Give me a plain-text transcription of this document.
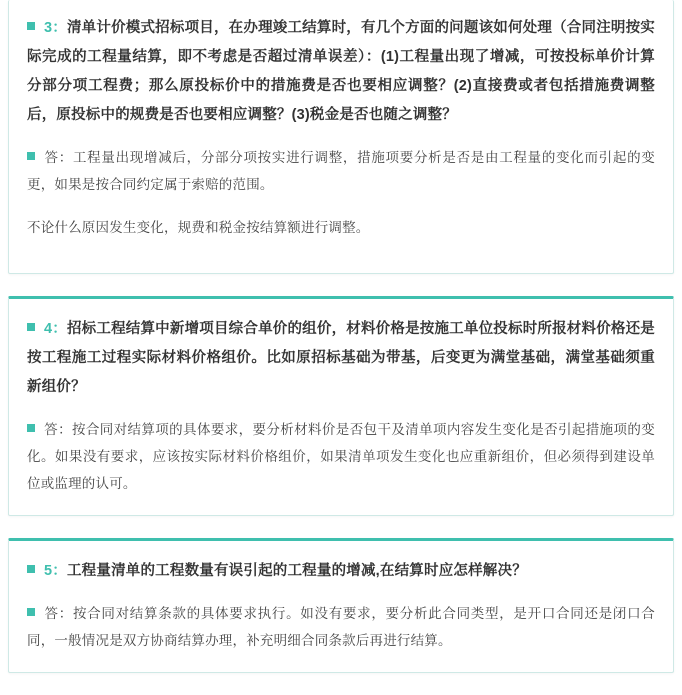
3：清单计价模式招标项目，在办理竣工结算时，有几个方面的问题该如何处理（合同注明按实际完成的工程量结算，即不考虑是否超过清单误差）：(1)工程量出现了增减，可按投标单价计算分部分项工程费；那么原投标价中的措施费是否也要相应调整？(2)直接费或者包括措施费调整后，原投标中的规费是否也要相应调整？(3)税金是否也随之调整？

答：工程量出现增减后，分部分项按实进行调整，措施项要分析是否是由工程量的变化而引起的变更，如果是按合同约定属于索赔的范围。

不论什么原因发生变化，规费和税金按结算额进行调整。

4：招标工程结算中新增项目综合单价的组价，材料价格是按施工单位投标时所报材料价格还是按工程施工过程实际材料价格组价。比如原招标基础为带基，后变更为满堂基础，满堂基础须重新组价？

答：按合同对结算项的具体要求，要分析材料价是否包干及清单项内容发生变化是否引起措施项的变化。如果没有要求，应该按实际材料价格组价，如果清单项发生变化也应重新组价，但必须得到建设单位或监理的认可。

5：工程量清单的工程数量有误引起的工程量的增减,在结算时应怎样解决？

答：按合同对结算条款的具体要求执行。如没有要求，要分析此合同类型，是开口合同还是闭口合同，一般情况是双方协商结算办理，补充明细合同条款后再进行结算。
